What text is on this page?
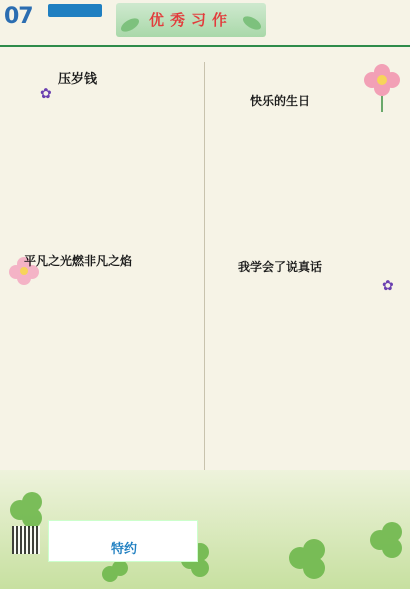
07	优秀习作
✿
✿
压岁钱
快乐的生日
平凡之光燃非凡之焰	我学会了说真话
特约
